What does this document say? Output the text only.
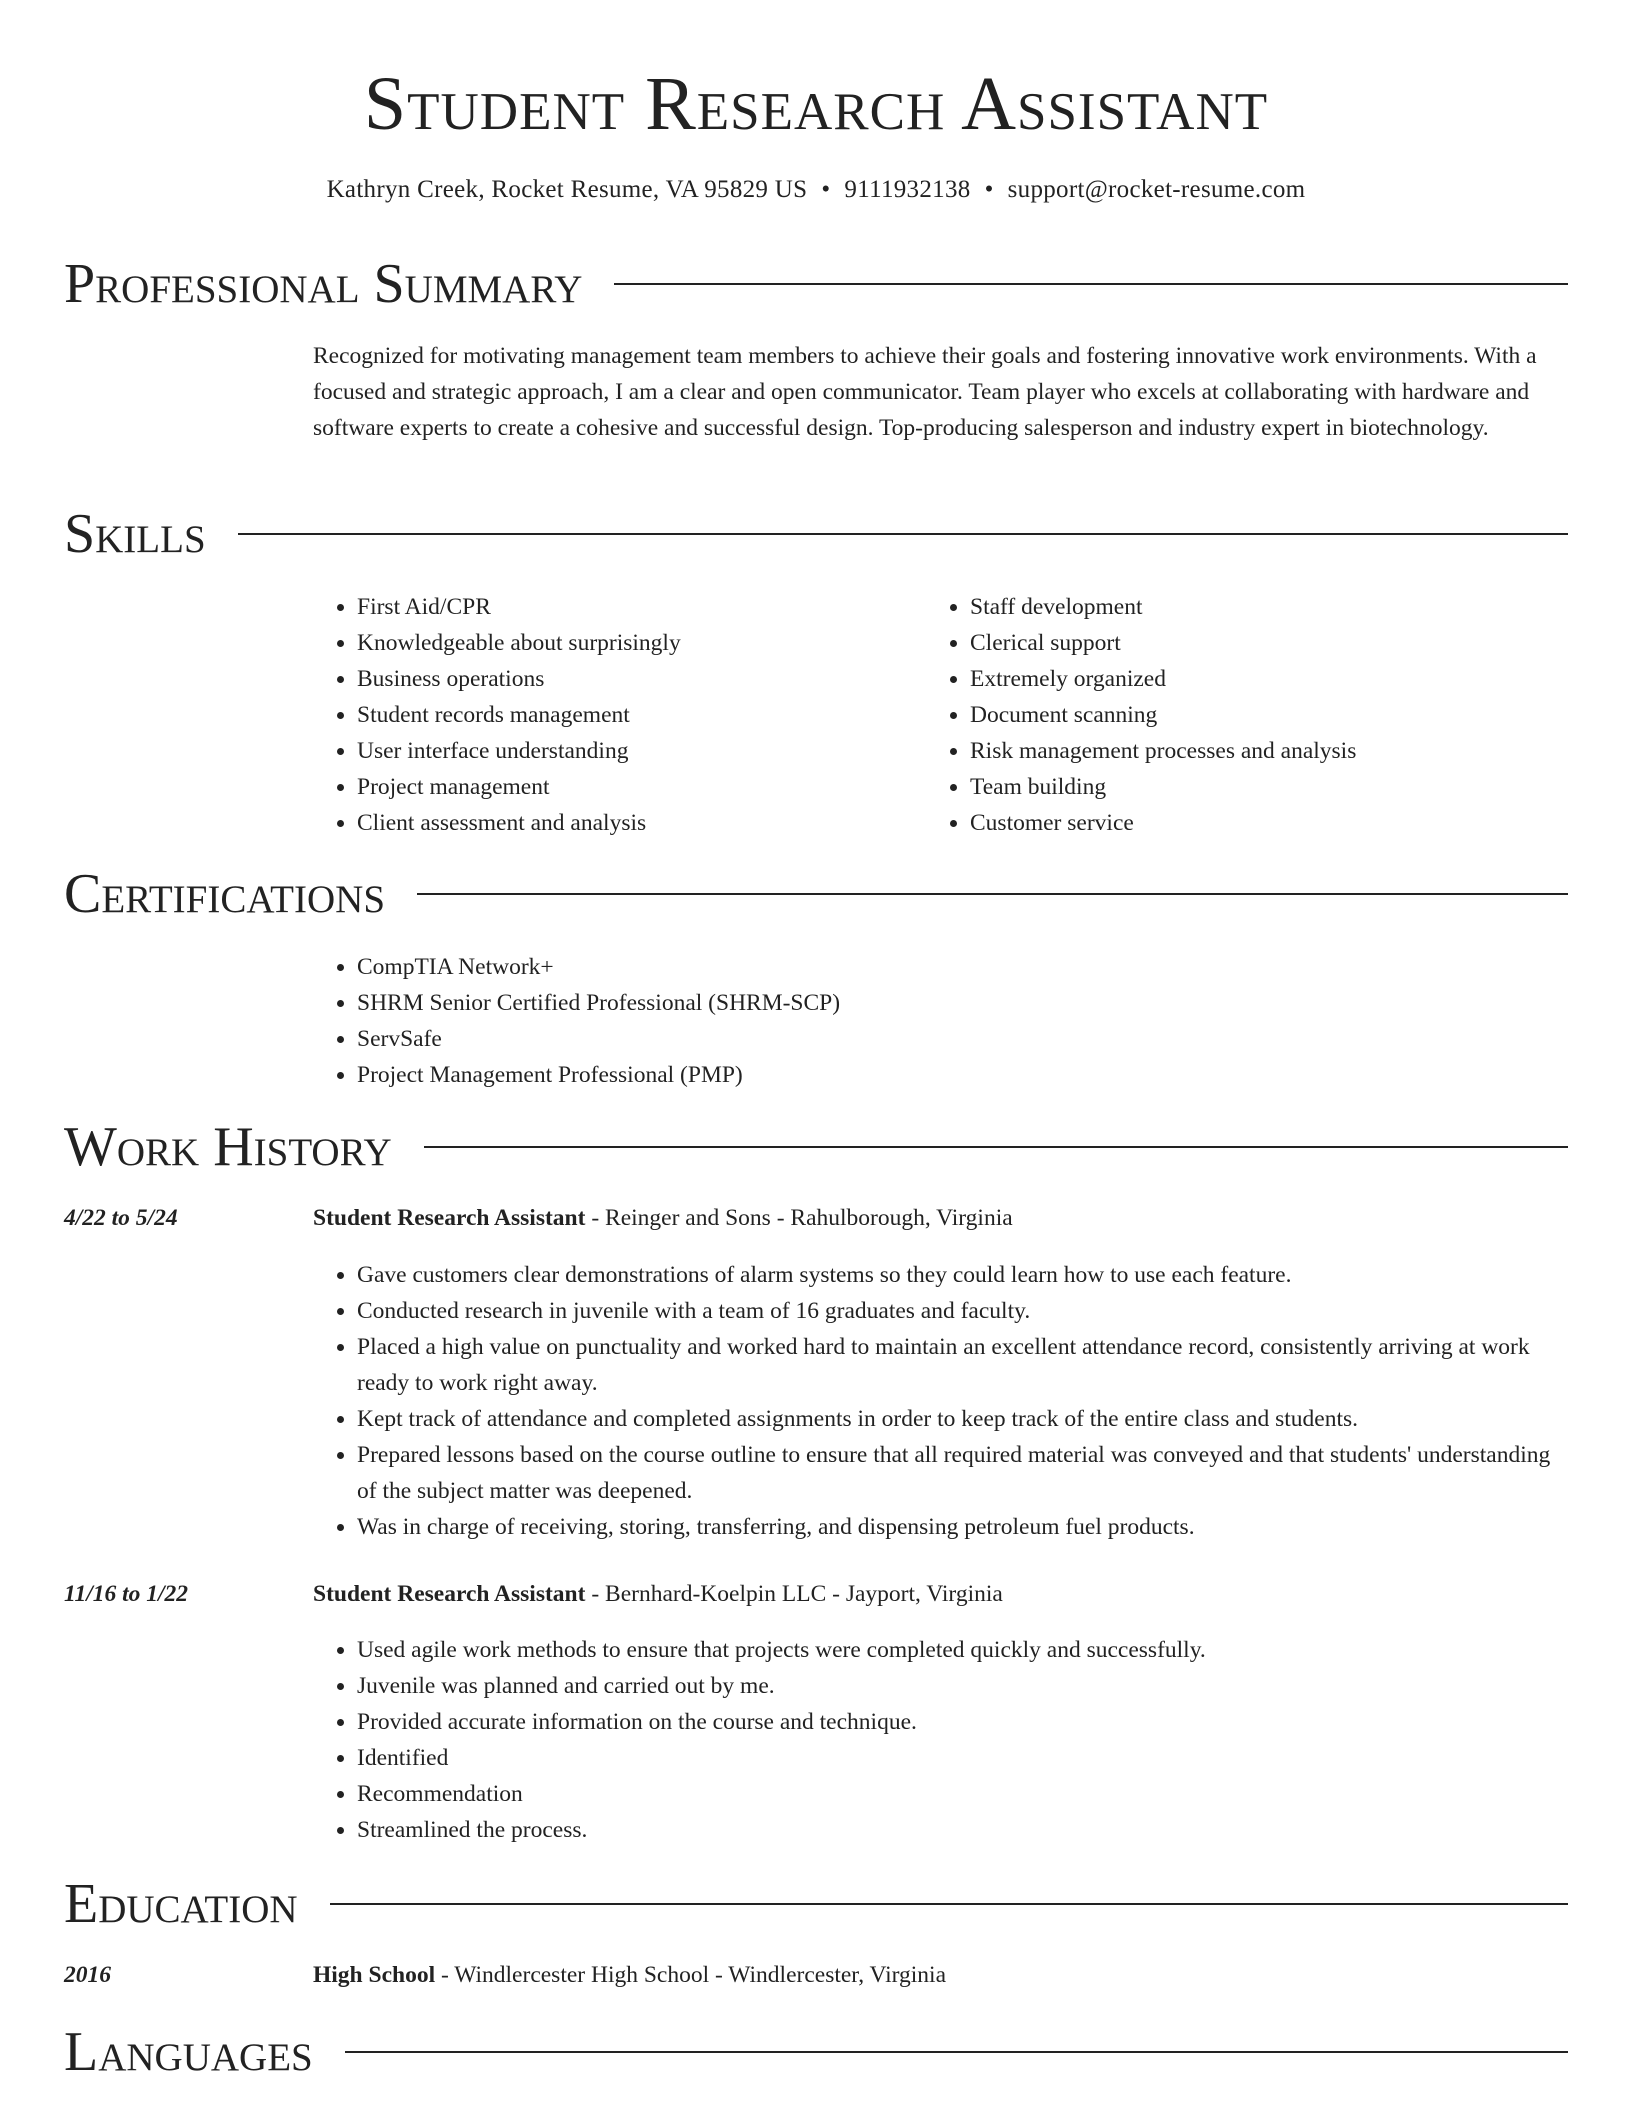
Student Research Assistant
Kathryn Creek, Rocket Resume, VA 95829 US • 9111932138 • support@rocket-resume.com
Professional Summary

Recognized for motivating management team members to achieve their goals and fostering innovative work environments. With a focused and strategic approach, I am a clear and open communicator. Team player who excels at collaborating with hardware and software experts to create a cohesive and successful design. Top-producing salesperson and industry expert in biotechnology.

Skills
• First Aid/CPR
• Knowledgeable about surprisingly
• Business operations
• Student records management
• User interface understanding
• Project management
• Client assessment and analysis
• Staff development
• Clerical support
• Extremely organized
• Document scanning
• Risk management processes and analysis
• Team building
• Customer service
Certifications
• CompTIA Network+
• SHRM Senior Certified Professional (SHRM-SCP)
• ServSafe
• Project Management Professional (PMP)
Work History
4/22 to 5/24	Student Research Assistant - Reinger and Sons - Rahulborough, Virginia
• Gave customers clear demonstrations of alarm systems so they could learn how to use each feature.
• Conducted research in juvenile with a team of 16 graduates and faculty.
• Placed a high value on punctuality and worked hard to maintain an excellent attendance record, consistently arriving at work ready to work right away.
• Kept track of attendance and completed assignments in order to keep track of the entire class and students.
• Prepared lessons based on the course outline to ensure that all required material was conveyed and that students' understanding of the subject matter was deepened.
• Was in charge of receiving, storing, transferring, and dispensing petroleum fuel products.
11/16 to 1/22	Student Research Assistant - Bernhard-Koelpin LLC - Jayport, Virginia
• Used agile work methods to ensure that projects were completed quickly and successfully.
• Juvenile was planned and carried out by me.
• Provided accurate information on the course and technique.
• Identified
• Recommendation
• Streamlined the process.
Education
2016	High School - Windlercester High School - Windlercester, Virginia
Languages
